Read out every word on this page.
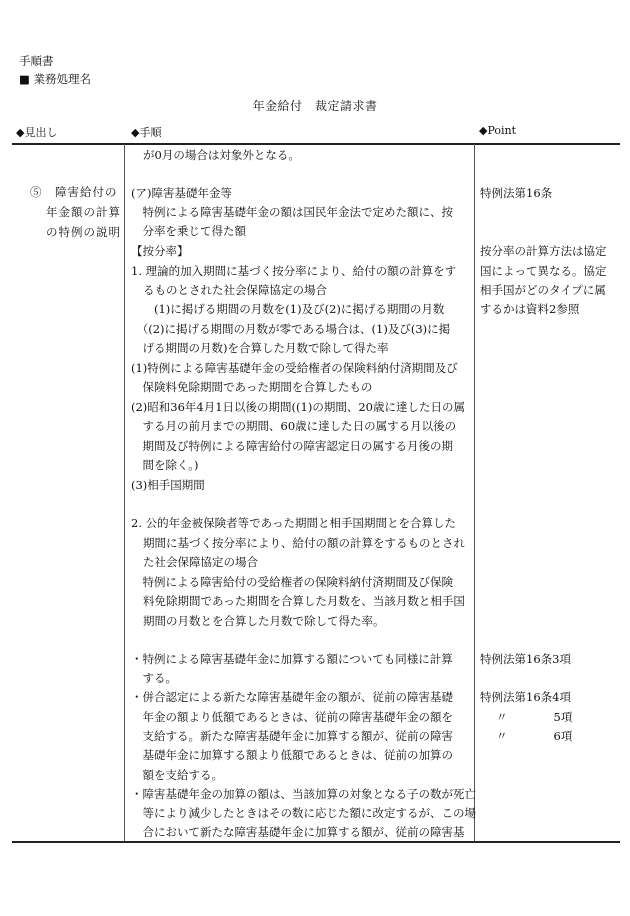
手順書
■ 業務処理名
年金給付　裁定請求書
◆見出し	◆手順	◆Point
⑤　障害給付の
年金額の計算
の特例の説明
が0月の場合は対象外となる。
(ア)障害基礎年金等
　特例による障害基礎年金の額は国民年金法で定めた額に、按
　分率を乗じて得た額
【按分率】
1. 理論的加入期間に基づく按分率により、給付の額の計算をす
るものとされた社会保障協定の場合
　　(1)に掲げる期間の月数を(1)及び(2)に掲げる期間の月数
　（(2)に掲げる期間の月数が零である場合は、(1)及び(3)に掲
　げる期間の月数)を合算した月数で除して得た率
(1)特例による障害基礎年金の受給権者の保険料納付済期間及び
　保険料免除期間であった期間を合算したもの
(2)昭和36年4月1日以後の期間((1)の期間、20歳に達した日の属
　する月の前月までの期間、60歳に達した日の属する月以後の
　期間及び特例による障害給付の障害認定日の属する月後の期
　間を除く。)
(3)相手国期間
2. 公的年金被保険者等であった期間と相手国期間とを合算した
期間に基づく按分率により、給付の額の計算をするものとされ
た社会保障協定の場合
　特例による障害給付の受給権者の保険料納付済期間及び保険
料免除期間であった期間を合算した月数を、当該月数と相手国
期間の月数とを合算した月数で除して得た率。
・特例による障害基礎年金に加算する額についても同様に計算
　する。
・併合認定による新たな障害基礎年金の額が、従前の障害基礎
　年金の額より低額であるときは、従前の障害基礎年金の額を
　支給する。新たな障害基礎年金に加算する額が、従前の障害
　基礎年金に加算する額より低額であるときは、従前の加算の
　額を支給する。
・障害基礎年金の加算の額は、当該加算の対象となる子の数が死亡
　等により減少したときはその数に応じた額に改定するが、この場
　合において新たな障害基礎年金に加算する額が、従前の障害基
特例法第16条
按分率の計算方法は協定
国によって異なる。協定
相手国がどのタイプに属
するかは資料2参照
特例法第16条3項
特例法第16条4項
〃　　　　5項
〃　　　　6項
